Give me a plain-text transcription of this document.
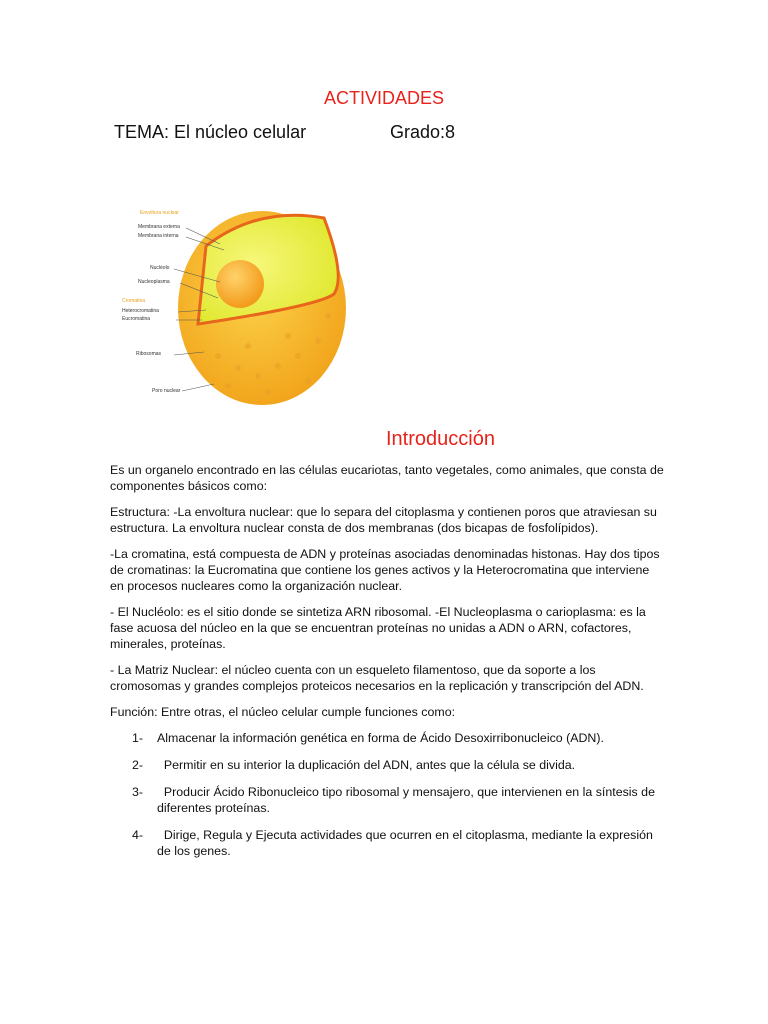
ACTIVIDADES
TEMA: El núcleo celular	Grado:8
Envoltura nuclear
Membrana externa
Membrana interna
Nucléolo
Nucleoplasma
Cromatina
Heterocromatina
Eucromatina
Ribosomas
Poro nuclear
Introducción

Es un organelo encontrado en las células eucariotas, tanto vegetales, como animales, que consta de componentes básicos como:

Estructura: -La envoltura nuclear: que lo separa del citoplasma y contienen poros que atraviesan su estructura. La envoltura nuclear consta de dos membranas (dos bicapas de fosfolípidos).

-La cromatina, está compuesta de ADN y proteínas asociadas denominadas histonas. Hay dos tipos de cromatinas: la Eucromatina que contiene los genes activos y la Heterocromatina que interviene en procesos nucleares como la organización nuclear.

- El Nucléolo: es el sitio donde se sintetiza ARN ribosomal. -El Nucleoplasma o carioplasma: es la fase acuosa del núcleo en la que se encuentran proteínas no unidas a ADN o ARN, cofactores, minerales, proteínas.

- La Matriz Nuclear: el núcleo cuenta con un esqueleto filamentoso, que da soporte a los cromosomas y grandes complejos proteicos necesarios en la replicación y transcripción del ADN.

Función: Entre otras, el núcleo celular cumple funciones como:

1- Almacenar la información genética en forma de Ácido Desoxirribonucleico (ADN).
2- Permitir en su interior la duplicación del ADN, antes que la célula se divida.
3- Producir Ácido Ribonucleico tipo ribosomal y mensajero, que intervienen en la síntesis de diferentes proteínas.
4- Dirige, Regula y Ejecuta actividades que ocurren en el citoplasma, mediante la expresión de los genes.
